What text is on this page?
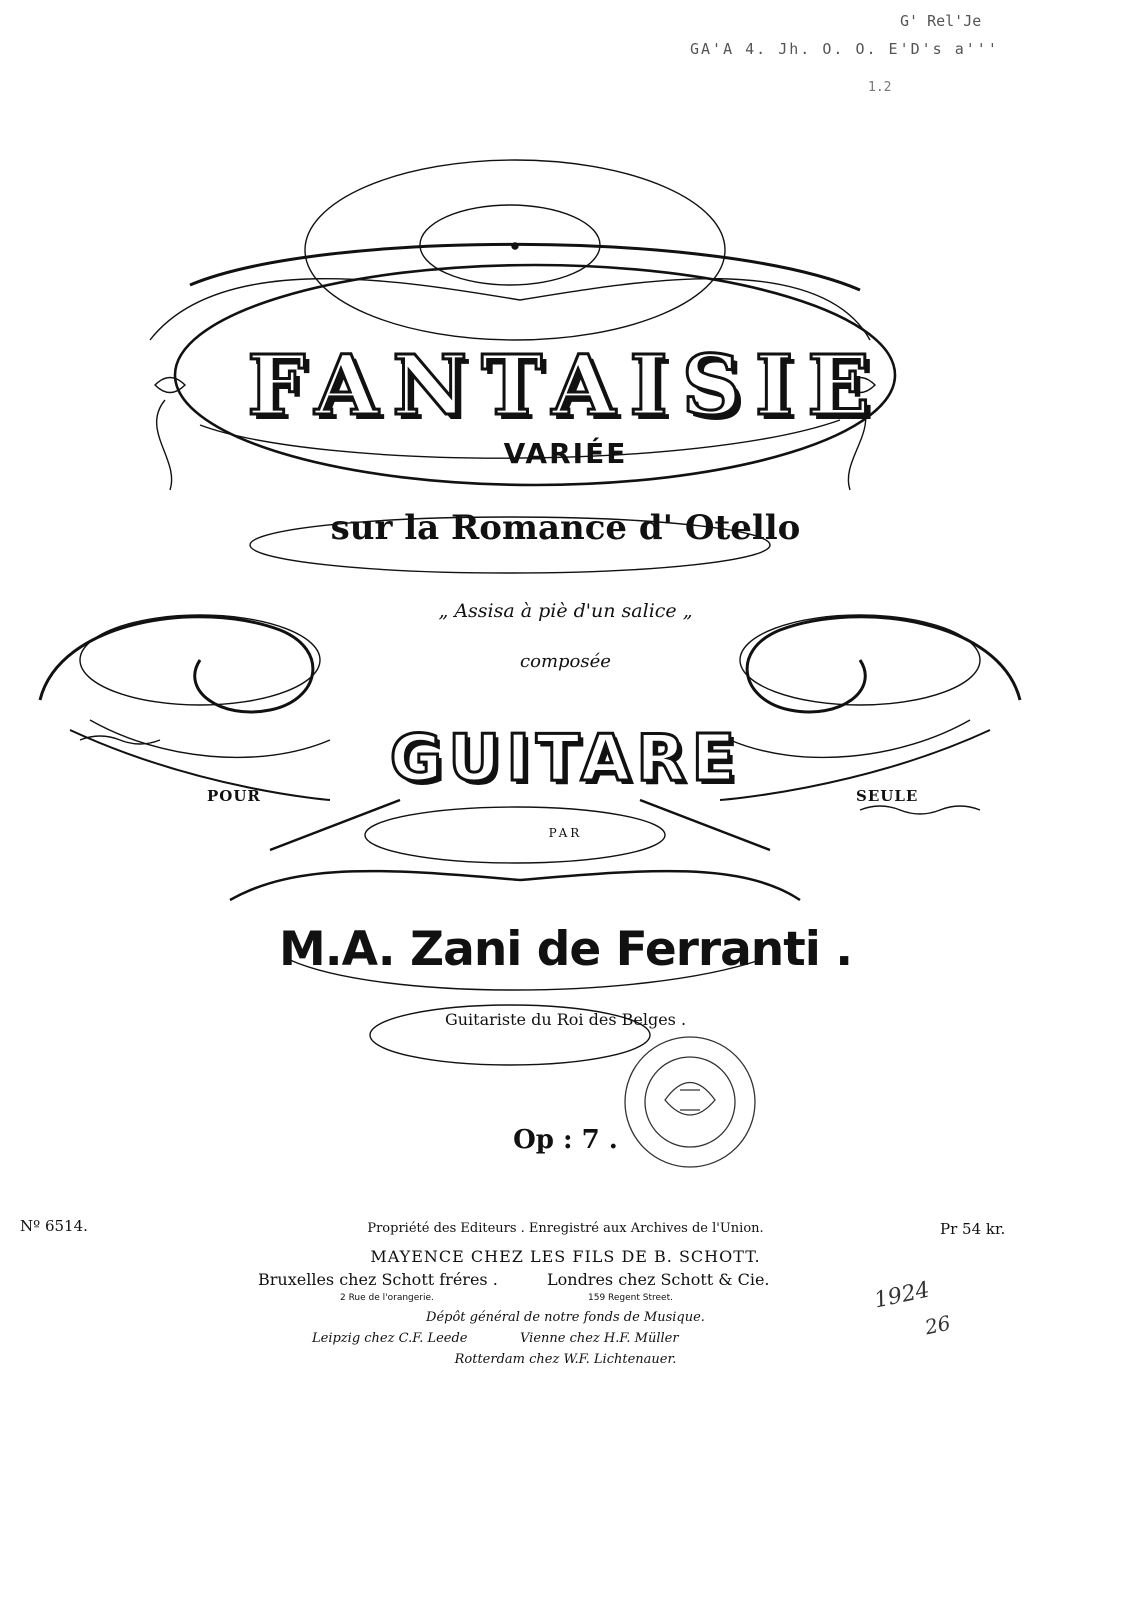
G' Rel'Je
GA'A 4. Jh. O. O. E'D's a'''
1.2
FANTAISIE
VARIÉE
sur la Romance d' Otello
„ Assisa à piè d'un salice „
composée
POUR	GUITARE	SEULE
PAR
M.A. Zani de Ferranti .
Guitariste du Roi des Belges .
Op : 7 .
Nº 6514.	Pr 54 kr.
Propriété des Editeurs . Enregistré aux Archives de l'Union.
MAYENCE CHEZ LES FILS DE B. SCHOTT.
Bruxelles chez Schott fréres .	Londres chez Schott & Cie.
2 Rue de l'orangerie.	159 Regent Street.
Dépôt général de notre fonds de Musique.
Leipzig chez C.F. Leede	Vienne chez H.F. Müller
Rotterdam chez W.F. Lichtenauer.
1924
26
